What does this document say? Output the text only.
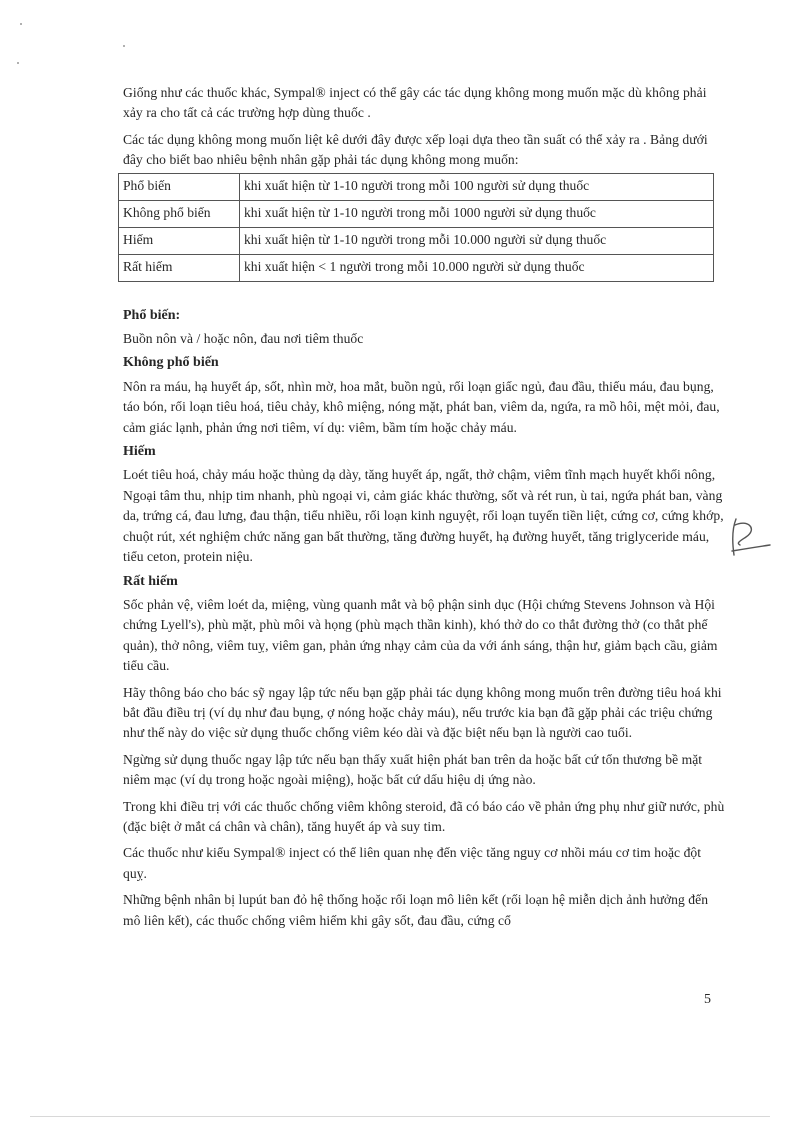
Giống như các thuốc khác, Sympal® inject có thể gây các tác dụng không mong muốn mặc dù không phải xảy ra cho tất cả các trường hợp dùng thuốc .

Các tác dụng không mong muốn liệt kê dưới đây được xếp loại dựa theo tần suất có thể xảy ra . Bảng dưới đây cho biết bao nhiêu bệnh nhân gặp phải tác dụng không mong muốn:

Phổ biến	khi xuất hiện từ 1-10 người trong mỗi 100 người sử dụng thuốc
Không phổ biến	khi xuất hiện từ 1-10 người trong mỗi 1000 người sử dụng thuốc
Hiếm	khi xuất hiện từ 1-10 người trong mỗi 10.000 người sử dụng thuốc
Rất hiếm	khi xuất hiện < 1 người trong mỗi 10.000 người sử dụng thuốc
Phổ biến:

Buồn nôn và / hoặc nôn, đau nơi tiêm thuốc

Không phổ biến

Nôn ra máu, hạ huyết áp, sốt, nhìn mờ, hoa mắt, buồn ngủ, rối loạn giấc ngủ, đau đầu, thiếu máu, đau bụng, táo bón, rối loạn tiêu hoá, tiêu chảy, khô miệng, nóng mặt, phát ban, viêm da, ngứa, ra mồ hôi, mệt mỏi, đau, cảm giác lạnh, phản ứng nơi tiêm, ví dụ: viêm, bầm tím hoặc chảy máu.

Hiếm

Loét tiêu hoá, chảy máu hoặc thủng dạ dày, tăng huyết áp, ngất, thở chậm, viêm tĩnh mạch huyết khối nông, Ngoại tâm thu, nhịp tim nhanh, phù ngoại vi, cảm giác khác thường, sốt và rét run, ù tai, ngứa phát ban, vàng da, trứng cá, đau lưng, đau thận, tiểu nhiều, rối loạn kinh nguyệt, rối loạn tuyến tiền liệt, cứng cơ, cứng khớp, chuột rút, xét nghiệm chức năng gan bất thường, tăng đường huyết, hạ đường huyết, tăng triglyceride máu, tiểu ceton, protein niệu.

Rất hiếm

Sốc phản vệ, viêm loét da, miệng, vùng quanh mắt và bộ phận sinh dục (Hội chứng Stevens Johnson và Hội chứng Lyell's), phù mặt, phù môi và họng (phù mạch thần kinh), khó thở do co thắt đường thở (co thắt phế quản), thở nông, viêm tuỵ, viêm gan, phản ứng nhạy cảm của da với ánh sáng, thận hư, giảm bạch cầu, giảm tiểu cầu.

Hãy thông báo cho bác sỹ ngay lập tức nếu bạn gặp phải tác dụng không mong muốn trên đường tiêu hoá khi bắt đầu điều trị (ví dụ như đau bụng, ợ nóng hoặc chảy máu), nếu trước kia bạn đã gặp phải các triệu chứng như thế này do việc sử dụng thuốc chống viêm kéo dài và đặc biệt nếu bạn là người cao tuổi.

Ngừng sử dụng thuốc ngay lập tức nếu bạn thấy xuất hiện phát ban trên da hoặc bất cứ tổn thương bề mặt niêm mạc (ví dụ trong hoặc ngoài miệng), hoặc bất cứ dấu hiệu dị ứng nào.

Trong khi điều trị với các thuốc chống viêm không steroid, đã có báo cáo về phản ứng phụ như giữ nước, phù (đặc biệt ở mắt cá chân và chân), tăng huyết áp và suy tim.

Các thuốc như kiểu Sympal® inject có thể liên quan nhẹ đến việc tăng nguy cơ nhồi máu cơ tim hoặc đột quỵ.

Những bệnh nhân bị lupút ban đỏ hệ thống hoặc rối loạn mô liên kết (rối loạn hệ miễn dịch ảnh hưởng đến mô liên kết), các thuốc chống viêm hiếm khi gây sốt, đau đầu, cứng cổ

5
